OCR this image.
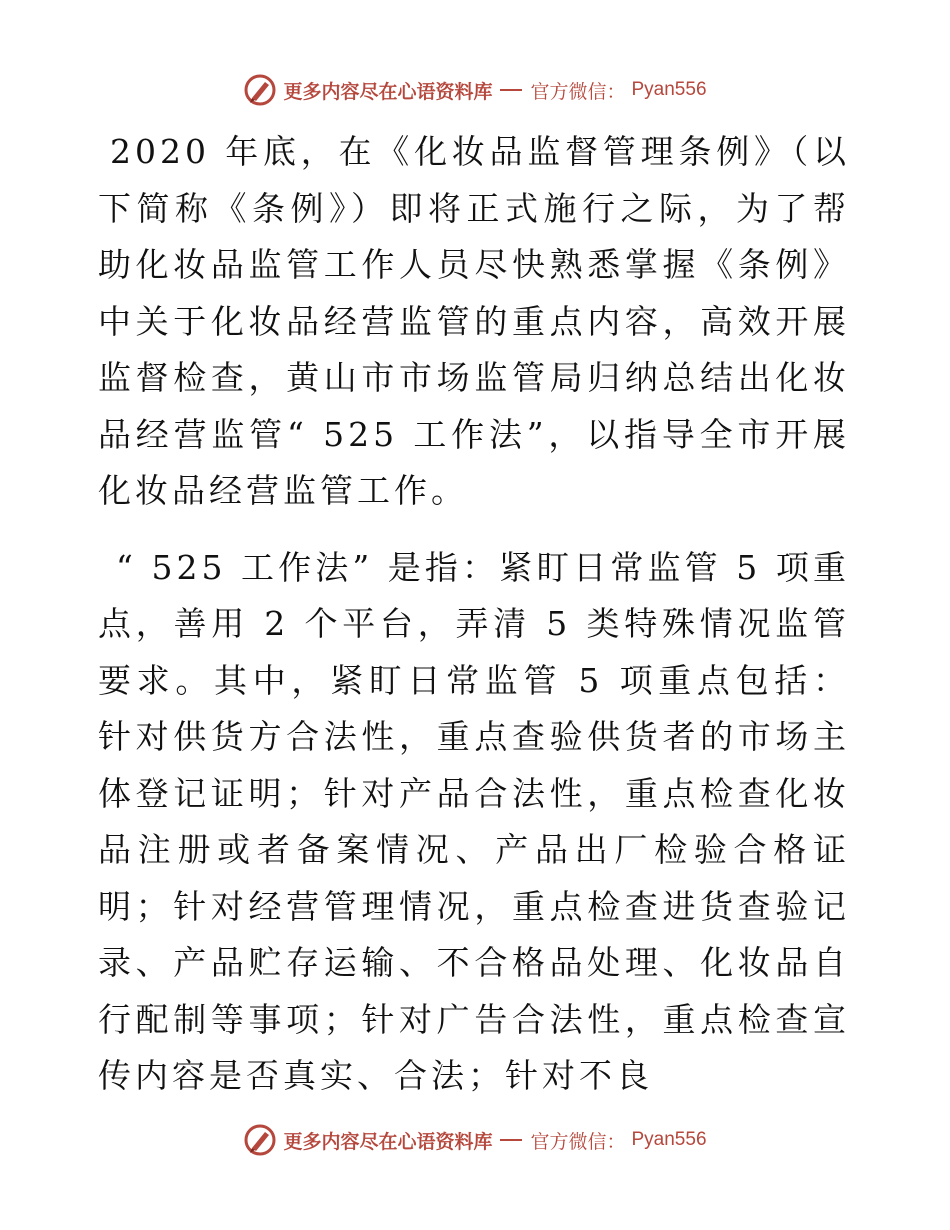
更多内容尽在心语资料库 官方微信： Pyan556

2020 年底，在《化妆品监督管理条例》（以下简称《条例》）即将正式施行之际，为了帮助化妆品监管工作人员尽快熟悉掌握《条例》中关于化妆品经营监管的重点内容，高效开展监督检查，黄山市市场监管局归纳总结出化妆品经营监管“ 525 工作法”，以指导全市开展化妆品经营监管工作。

“ 525 工作法” 是指：紧盯日常监管 5 项重点，善用 2 个平台，弄清 5 类特殊情况监管要求。其中，紧盯日常监管 5 项重点包括：针对供货方合法性，重点查验供货者的市场主体登记证明；针对产品合法性，重点检查化妆品注册或者备案情况、产品出厂检验合格证明；针对经营管理情况，重点检查进货查验记录、产品贮存运输、不合格品处理、化妆品自行配制等事项；针对广告合法性，重点检查宣传内容是否真实、合法；针对不良

更多内容尽在心语资料库 官方微信： Pyan556
